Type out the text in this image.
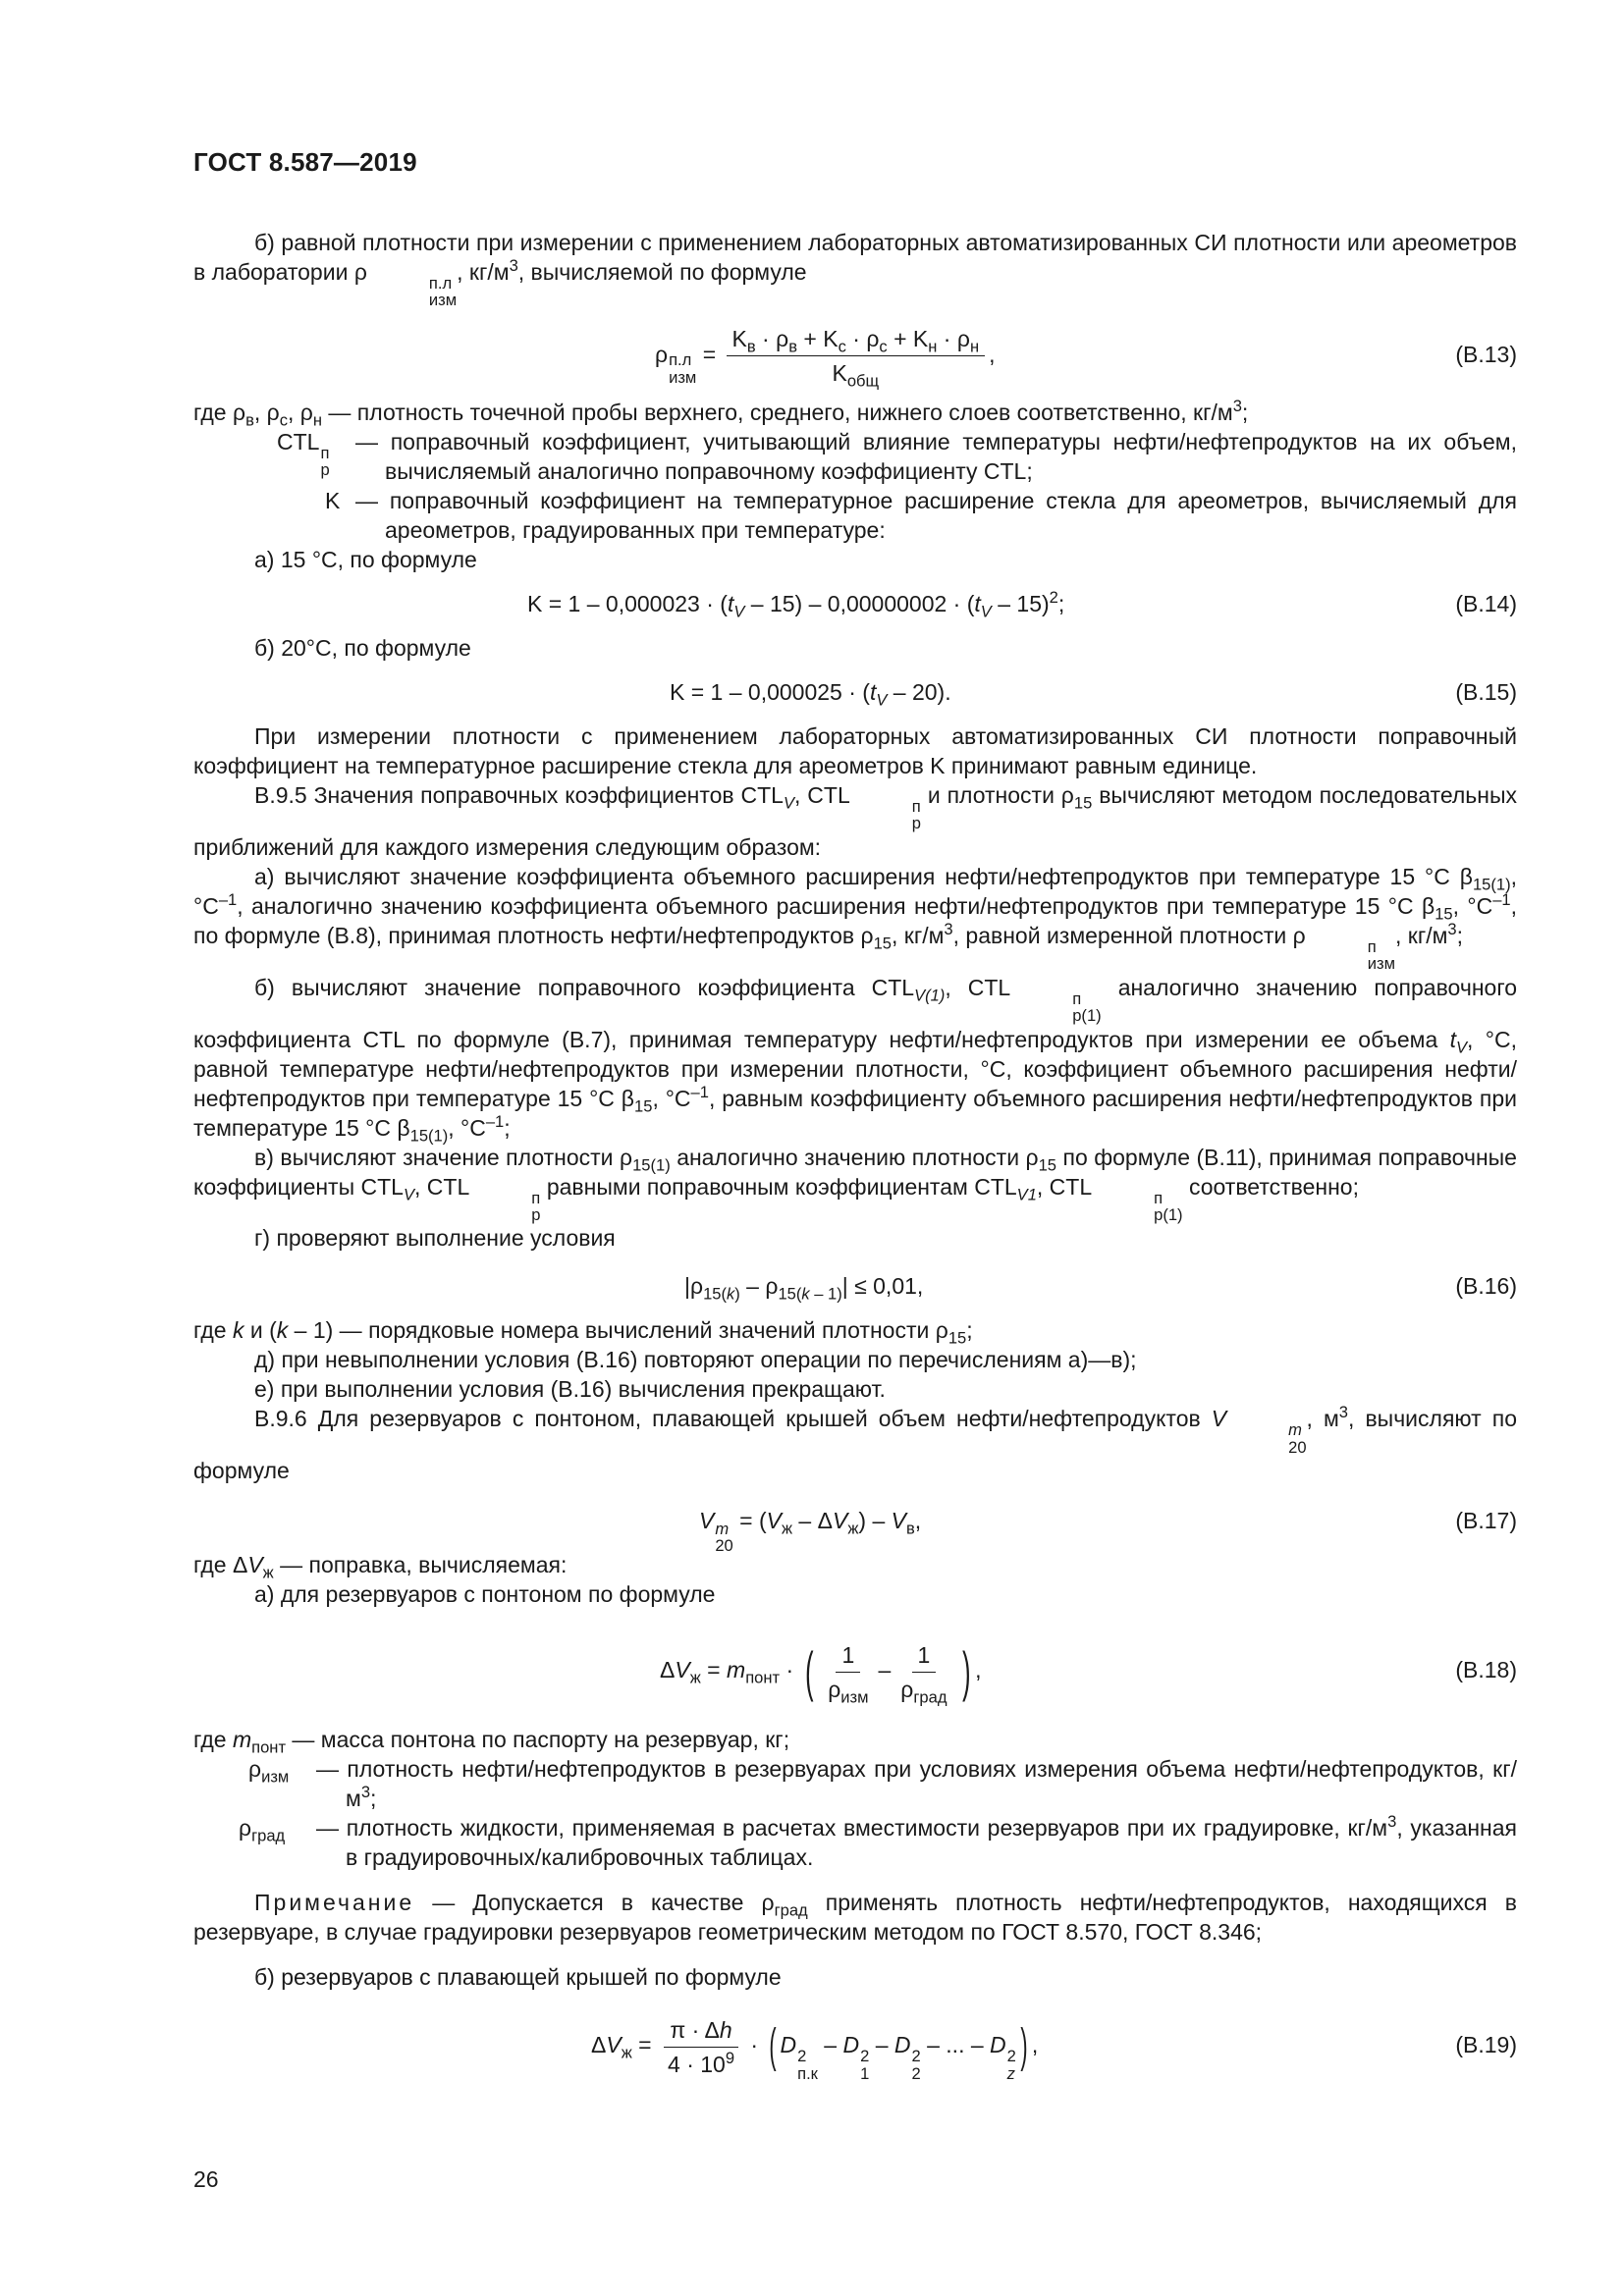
ГОСТ 8.587—2019

б) равной плотности при измерении с применением лабораторных автоматизированных СИ плотности или ареометров в лаборатории ρ	п.л
изм
, $кг/м^3$, вычисляемой по формуле

ρ п.л
изм
= $\frac{K_в \cdot \rho_в + K_с \cdot \rho_с + K_н \cdot \rho_н}{K_{общ}}$ ,	(В.13)

где $\rho_в$, $\rho_с$, $\rho_н$ — плотность точечной пробы верхнего, среднего, нижнего слоев соответственно, $кг/м^3$;

CTL п
р
— поправочный коэффициент, учитывающий влияние температуры нефти/нефтепродуктов на их объем, вычисляемый аналогично поправочному коэффициенту CTL;
K — поправочный коэффициент на температурное расширение стекла для ареометров, вычисляемый для ареометров, градуированных при температуре:

а) 15 °С, по формуле

$K = 1 - 0,000023 \cdot (t_V - 15) - 0,00000002 \cdot (t_V - 15)^2$;	(В.14)

б) 20°С, по формуле

$K = 1 - 0,000025 \cdot (t_V - 20)$.	(В.15)

При измерении плотности с применением лабораторных автоматизированных СИ плотности поправочный коэффициент на температурное расширение стекла для ареометров K принимают равным единице.

В.9.5 Значения поправочных коэффициентов $CTL_V$, CTL	п
р
и плотности $\rho_{15}$ вычисляют методом последовательных приближений для каждого измерения следующим образом:

а) вычисляют значение коэффициента объемного расширения нефти/нефтепродуктов при температуре 15 °С $\beta_{15(1)}$, $^\circ С^{-1}$, аналогично значению коэффициента объемного расширения нефти/нефтепродуктов при температуре 15 °С $\beta_{15}$, $^\circ С^{-1}$, по формуле (В.8), принимая плотность нефти/нефтепродуктов $\rho_{15}$, $кг/м^3$, равной измеренной плотности ρ	п
изм
, $кг/м^3$;

б) вычисляют значение поправочного коэффициента $CTL_{V(1)}$, CTL	п
р(1)
аналогично значению поправочного коэффициента CTL по формуле (В.7), принимая температуру нефти/нефтепродуктов при измерении ее объема $t_V$, °С, равной температуре нефти/нефтепродуктов при измерении плотности, °С, коэффициент объемного расширения нефти/нефтепродуктов при температуре 15 °С $\beta_{15}$, $^\circ С^{-1}$, равным коэффициенту объемного расширения нефти/нефтепродуктов при температуре 15 °С $\beta_{15(1)}$, $^\circ С^{-1}$;

в) вычисляют значение плотности $\rho_{15(1)}$ аналогично значению плотности $\rho_{15}$ по формуле (В.11), принимая поправочные коэффициенты $CTL_V$, CTL	п
р
равными поправочным коэффициентам $CTL_{V1}$, CTL	п
р(1)
соответственно;

г) проверяют выполнение условия

$|\rho_{15(k)} - \rho_{15(k - 1)}| \le 0,01$,	(В.16)

где k и (k – 1) — порядковые номера вычислений значений плотности $\rho_{15}$;

д) при невыполнении условия (В.16) повторяют операции по перечислениям а)—в);

е) при выполнении условия (В.16) вычисления прекращают.

В.9.6 Для резервуаров с понтоном, плавающей крышей объем нефти/нефтепродуктов V	m
20
, $м^3$, вычисляют по формуле

V m
20
= $(V_ж - \Delta V_ж) - V_в$,	(В.17)

где $\Delta V_ж$ — поправка, вычисляемая:

а) для резервуаров с понтоном по формуле

$\Delta V_ж = m_{понт}$ · ( $\frac{1}{\rho_{изм}} - \frac{1}{\rho_{град}}$ ) ,	(В.18)

где $m_{понт}$ — масса понтона по паспорту на резервуар, кг;

$\rho_{изм}$ — плотность нефти/нефтепродуктов в резервуарах при условиях измерения объема нефти/нефтепродуктов, $кг/м^3$;
$\rho_{град}$ — плотность жидкости, применяемая в расчетах вместимости резервуаров при их градуировке, $кг/м^3$, указанная в градуировочных/калибровочных таблицах.

Примечание — Допускается в качестве $\rho_{град}$ применять плотность нефти/нефтепродуктов, находящихся в резервуаре, в случае градуировки резервуаров геометрическим методом по ГОСТ 8.570, ГОСТ 8.346;

б) резервуаров с плавающей крышей по формуле

$\Delta V_ж = \frac{\pi \cdot \Delta h}{4 \cdot 10^9}$ · ( D 2
п.к
– D 2
1
– D 2
2
– ... – D 2
z
) ,	(В.19)
26
